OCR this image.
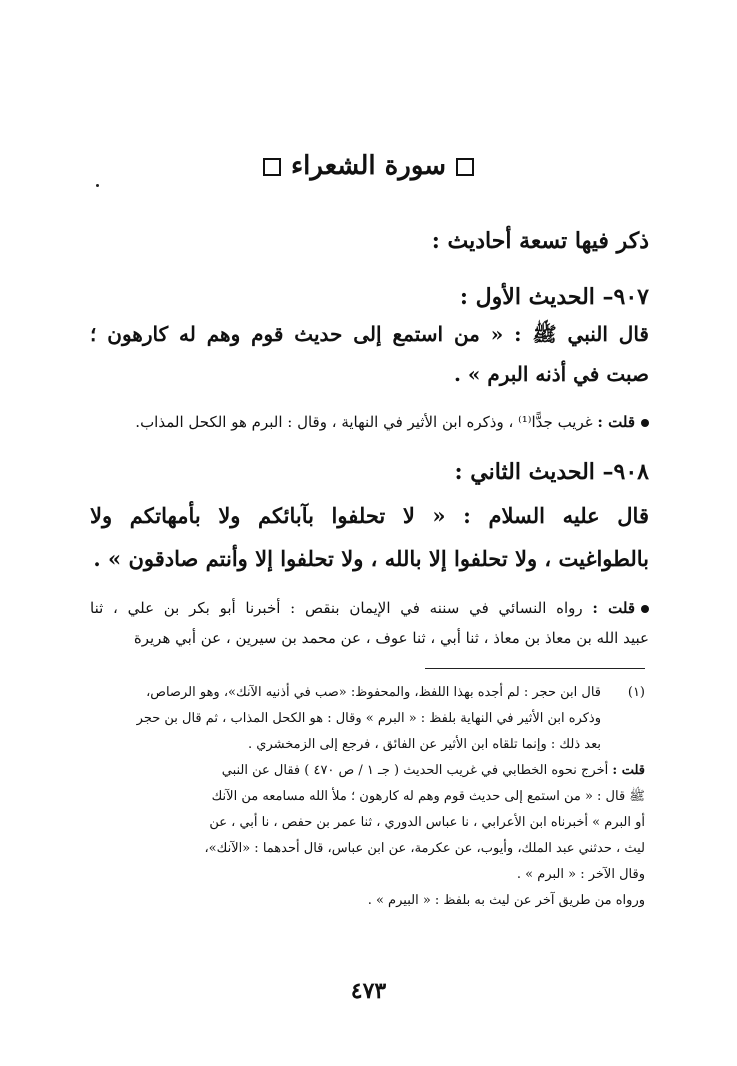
سورة الشعراء
ذكر فيها تسعة أحاديث :
٩٠٧– الحديث الأول :
قال النبي ﷺ : « من استمع إلى حديث قوم وهم له كارهون ؛
صبت في أذنه البرم » .
قلت : غريب جدًّا⁽¹⁾ ، وذكره ابن الأثير في النهاية ، وقال : البرم هو الكحل المذاب.
٩٠٨– الحديث الثاني :
قال عليه السلام : « لا تحلفوا بآبائكم ولا بأمهاتكم ولا
بالطواغيت ، ولا تحلفوا إلا بالله ، ولا تحلفوا إلا وأنتم صادقون » .
قلت : رواه النسائي في سننه في الإيمان بنقص : أخبرنا أبو بكر بن علي ، ثنا
عبيد الله بن معاذ بن معاذ ، ثنا أبي ، ثنا عوف ، عن محمد بن سيرين ، عن أبي هريرة
(١)
قال ابن حجر : لم أجده بهذا اللفظ، والمحفوظ: «صب في أذنيه الآنك»، وهو الرصاص،
وذكره ابن الأثير في النهاية بلفظ : « البرم » وقال : هو الكحل المذاب ، ثم قال بن حجر
بعد ذلك : وإنما تلقاه ابن الأثير عن الفائق ، فرجع إلى الزمخشري .
قلت : أخرج نحوه الخطابي في غريب الحديث ( جـ ١ / ص ٤٧٠ ) فقال عن النبي
ﷺ قال : « من استمع إلى حديث قوم وهم له كارهون ؛ ملأ الله مسامعه من الآنك
أو البرم » أخبرناه ابن الأعرابي ، نا عباس الدوري ، ثنا عمر بن حفص ، نا أبي ، عن
ليث ، حدثني عبد الملك، وأيوب، عن عكرمة، عن ابن عباس، قال أحدهما : «الآنك»،
وقال الآخر : « البرم » .
ورواه من طريق آخر عن ليث به بلفظ : « البيرم » .
٤٧٣
